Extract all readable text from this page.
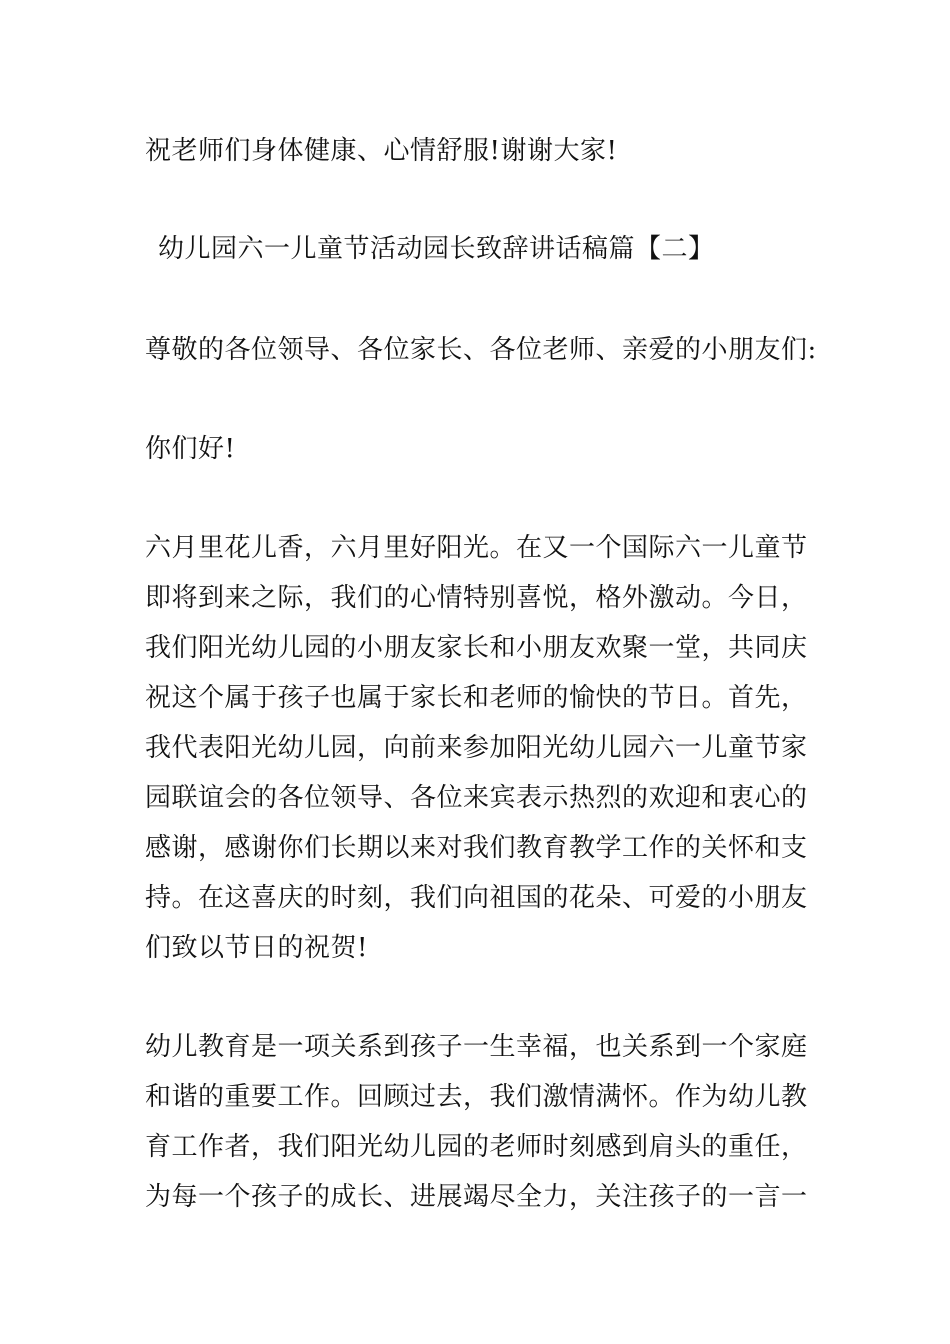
祝老师们身体健康、心情舒服!谢谢大家!
幼儿园六一儿童节活动园长致辞讲话稿篇【二】
尊敬的各位领导、各位家长、各位老师、亲爱的小朋友们:
你们好!
六月里花儿香，六月里好阳光。在又一个国际六一儿童节
即将到来之际，我们的心情特别喜悦，格外激动。今日，
我们阳光幼儿园的小朋友家长和小朋友欢聚一堂，共同庆
祝这个属于孩子也属于家长和老师的愉快的节日。首先，
我代表阳光幼儿园，向前来参加阳光幼儿园六一儿童节家
园联谊会的各位领导、各位来宾表示热烈的欢迎和衷心的
感谢，感谢你们长期以来对我们教育教学工作的关怀和支
持。在这喜庆的时刻，我们向祖国的花朵、可爱的小朋友
们致以节日的祝贺!
幼儿教育是一项关系到孩子一生幸福，也关系到一个家庭
和谐的重要工作。回顾过去，我们激情满怀。作为幼儿教
育工作者，我们阳光幼儿园的老师时刻感到肩头的重任，
为每一个孩子的成长、进展竭尽全力，关注孩子的一言一
